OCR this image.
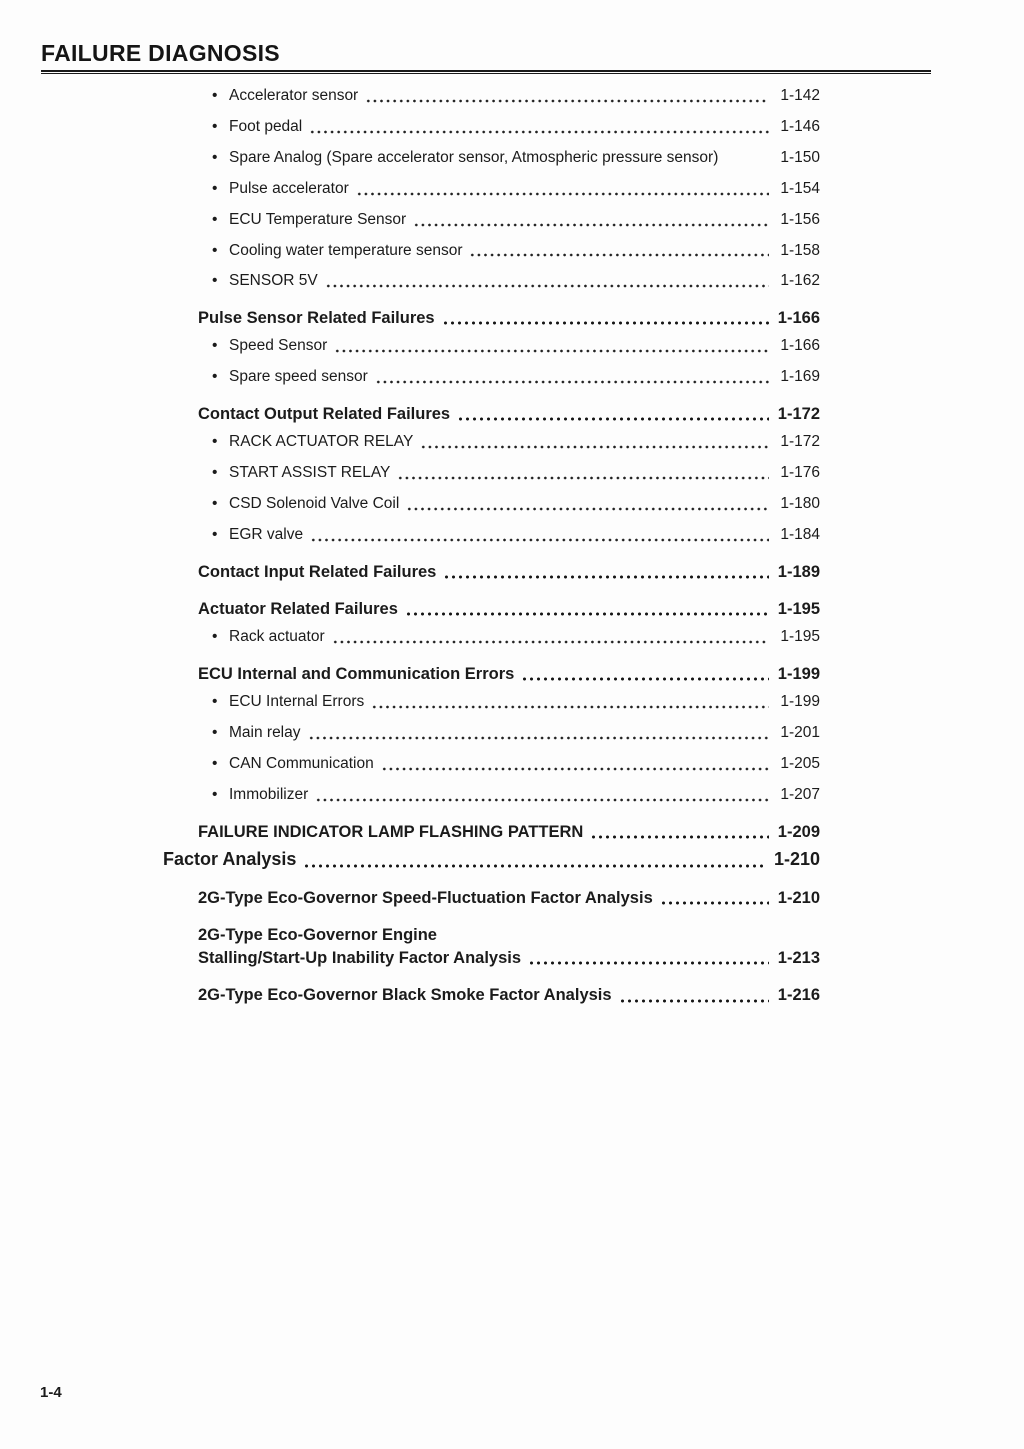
FAILURE DIAGNOSIS
• Accelerator sensor	1-142
• Foot pedal	1-146
• Spare Analog (Spare accelerator sensor, Atmospheric pressure sensor)	1-150
• Pulse accelerator	1-154
• ECU Temperature Sensor	1-156
• Cooling water temperature sensor	1-158
• SENSOR 5V	1-162
Pulse Sensor Related Failures	1-166
• Speed Sensor	1-166
• Spare speed sensor	1-169
Contact Output Related Failures	1-172
• RACK ACTUATOR RELAY	1-172
• START ASSIST RELAY	1-176
• CSD Solenoid Valve Coil	1-180
• EGR valve	1-184
Contact Input Related Failures	1-189
Actuator Related Failures	1-195
• Rack actuator	1-195
ECU Internal and Communication Errors	1-199
• ECU Internal Errors	1-199
• Main relay	1-201
• CAN Communication	1-205
• Immobilizer	1-207
FAILURE INDICATOR LAMP FLASHING PATTERN	1-209
Factor Analysis	1-210
2G-Type Eco-Governor Speed-Fluctuation Factor Analysis	1-210
2G-Type Eco-Governor Engine
Stalling/Start-Up Inability Factor Analysis	1-213
2G-Type Eco-Governor Black Smoke Factor Analysis	1-216
1-4
